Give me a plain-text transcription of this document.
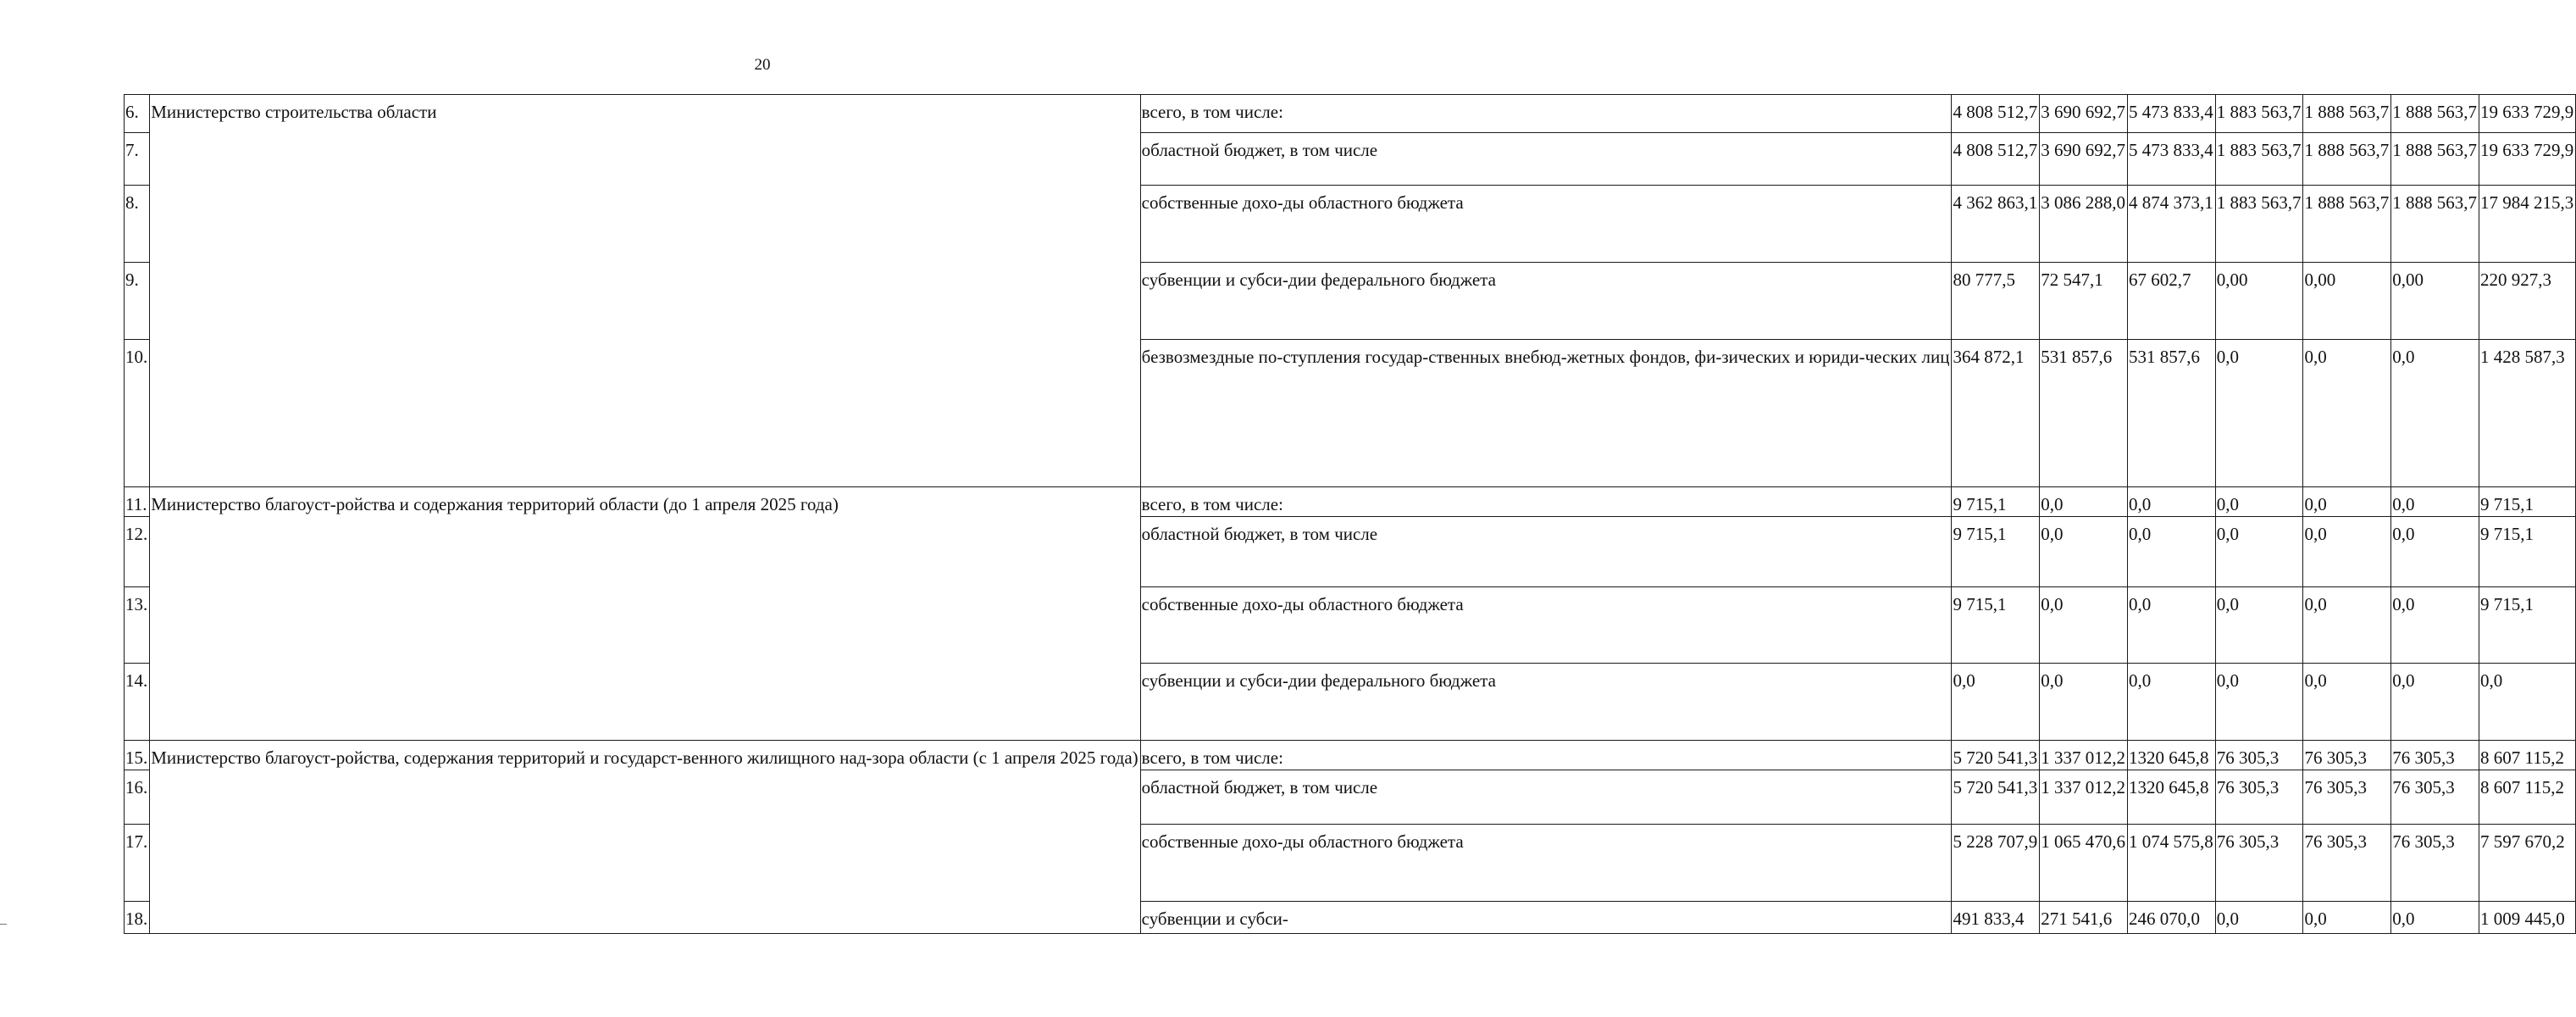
20
6.	Министерство строительства области	всего, в том числе:	4 808 512,7	3 690 692,7	5 473 833,4	1 883 563,7	1 888 563,7	1 888 563,7	19 633 729,9
7.		областной бюджет, в том числе	4 808 512,7	3 690 692,7	5 473 833,4	1 883 563,7	1 888 563,7	1 888 563,7	19 633 729,9
8.		собственные дохо-ды областного бюджета	4 362 863,1	3 086 288,0	4 874 373,1	1 883 563,7	1 888 563,7	1 888 563,7	17 984 215,3
9.		субвенции и субси-дии федерального бюджета	80 777,5	72 547,1	67 602,7	0,00	0,00	0,00	220 927,3
10.		безвозмездные по-ступления государ-ственных внебюд-жетных фондов, фи-зических и юриди-ческих лиц	364 872,1	531 857,6	531 857,6	0,0	0,0	0,0	1 428 587,3
11.	Министерство благоуст-ройства и содержания территорий области (до 1 апреля 2025 года)	всего, в том числе:	9 715,1	0,0	0,0	0,0	0,0	0,0	9 715,1
12.		областной бюджет, в том числе	9 715,1	0,0	0,0	0,0	0,0	0,0	9 715,1
13.		собственные дохо-ды областного бюджета	9 715,1	0,0	0,0	0,0	0,0	0,0	9 715,1
14.		субвенции и субси-дии федерального бюджета	0,0	0,0	0,0	0,0	0,0	0,0	0,0
15.	Министерство благоуст-ройства, содержания территорий и государст-венного жилищного над-зора области (с 1 апреля 2025 года)	всего, в том числе:	5 720 541,3	1 337 012,2	1320 645,8	76 305,3	76 305,3	76 305,3	8 607 115,2
16.		областной бюджет, в том числе	5 720 541,3	1 337 012,2	1320 645,8	76 305,3	76 305,3	76 305,3	8 607 115,2
17.		собственные дохо-ды областного бюджета	5 228 707,9	1 065 470,6	1 074 575,8	76 305,3	76 305,3	76 305,3	7 597 670,2
18.		субвенции и субси-	491 833,4	271 541,6	246 070,0	0,0	0,0	0,0	1 009 445,0
